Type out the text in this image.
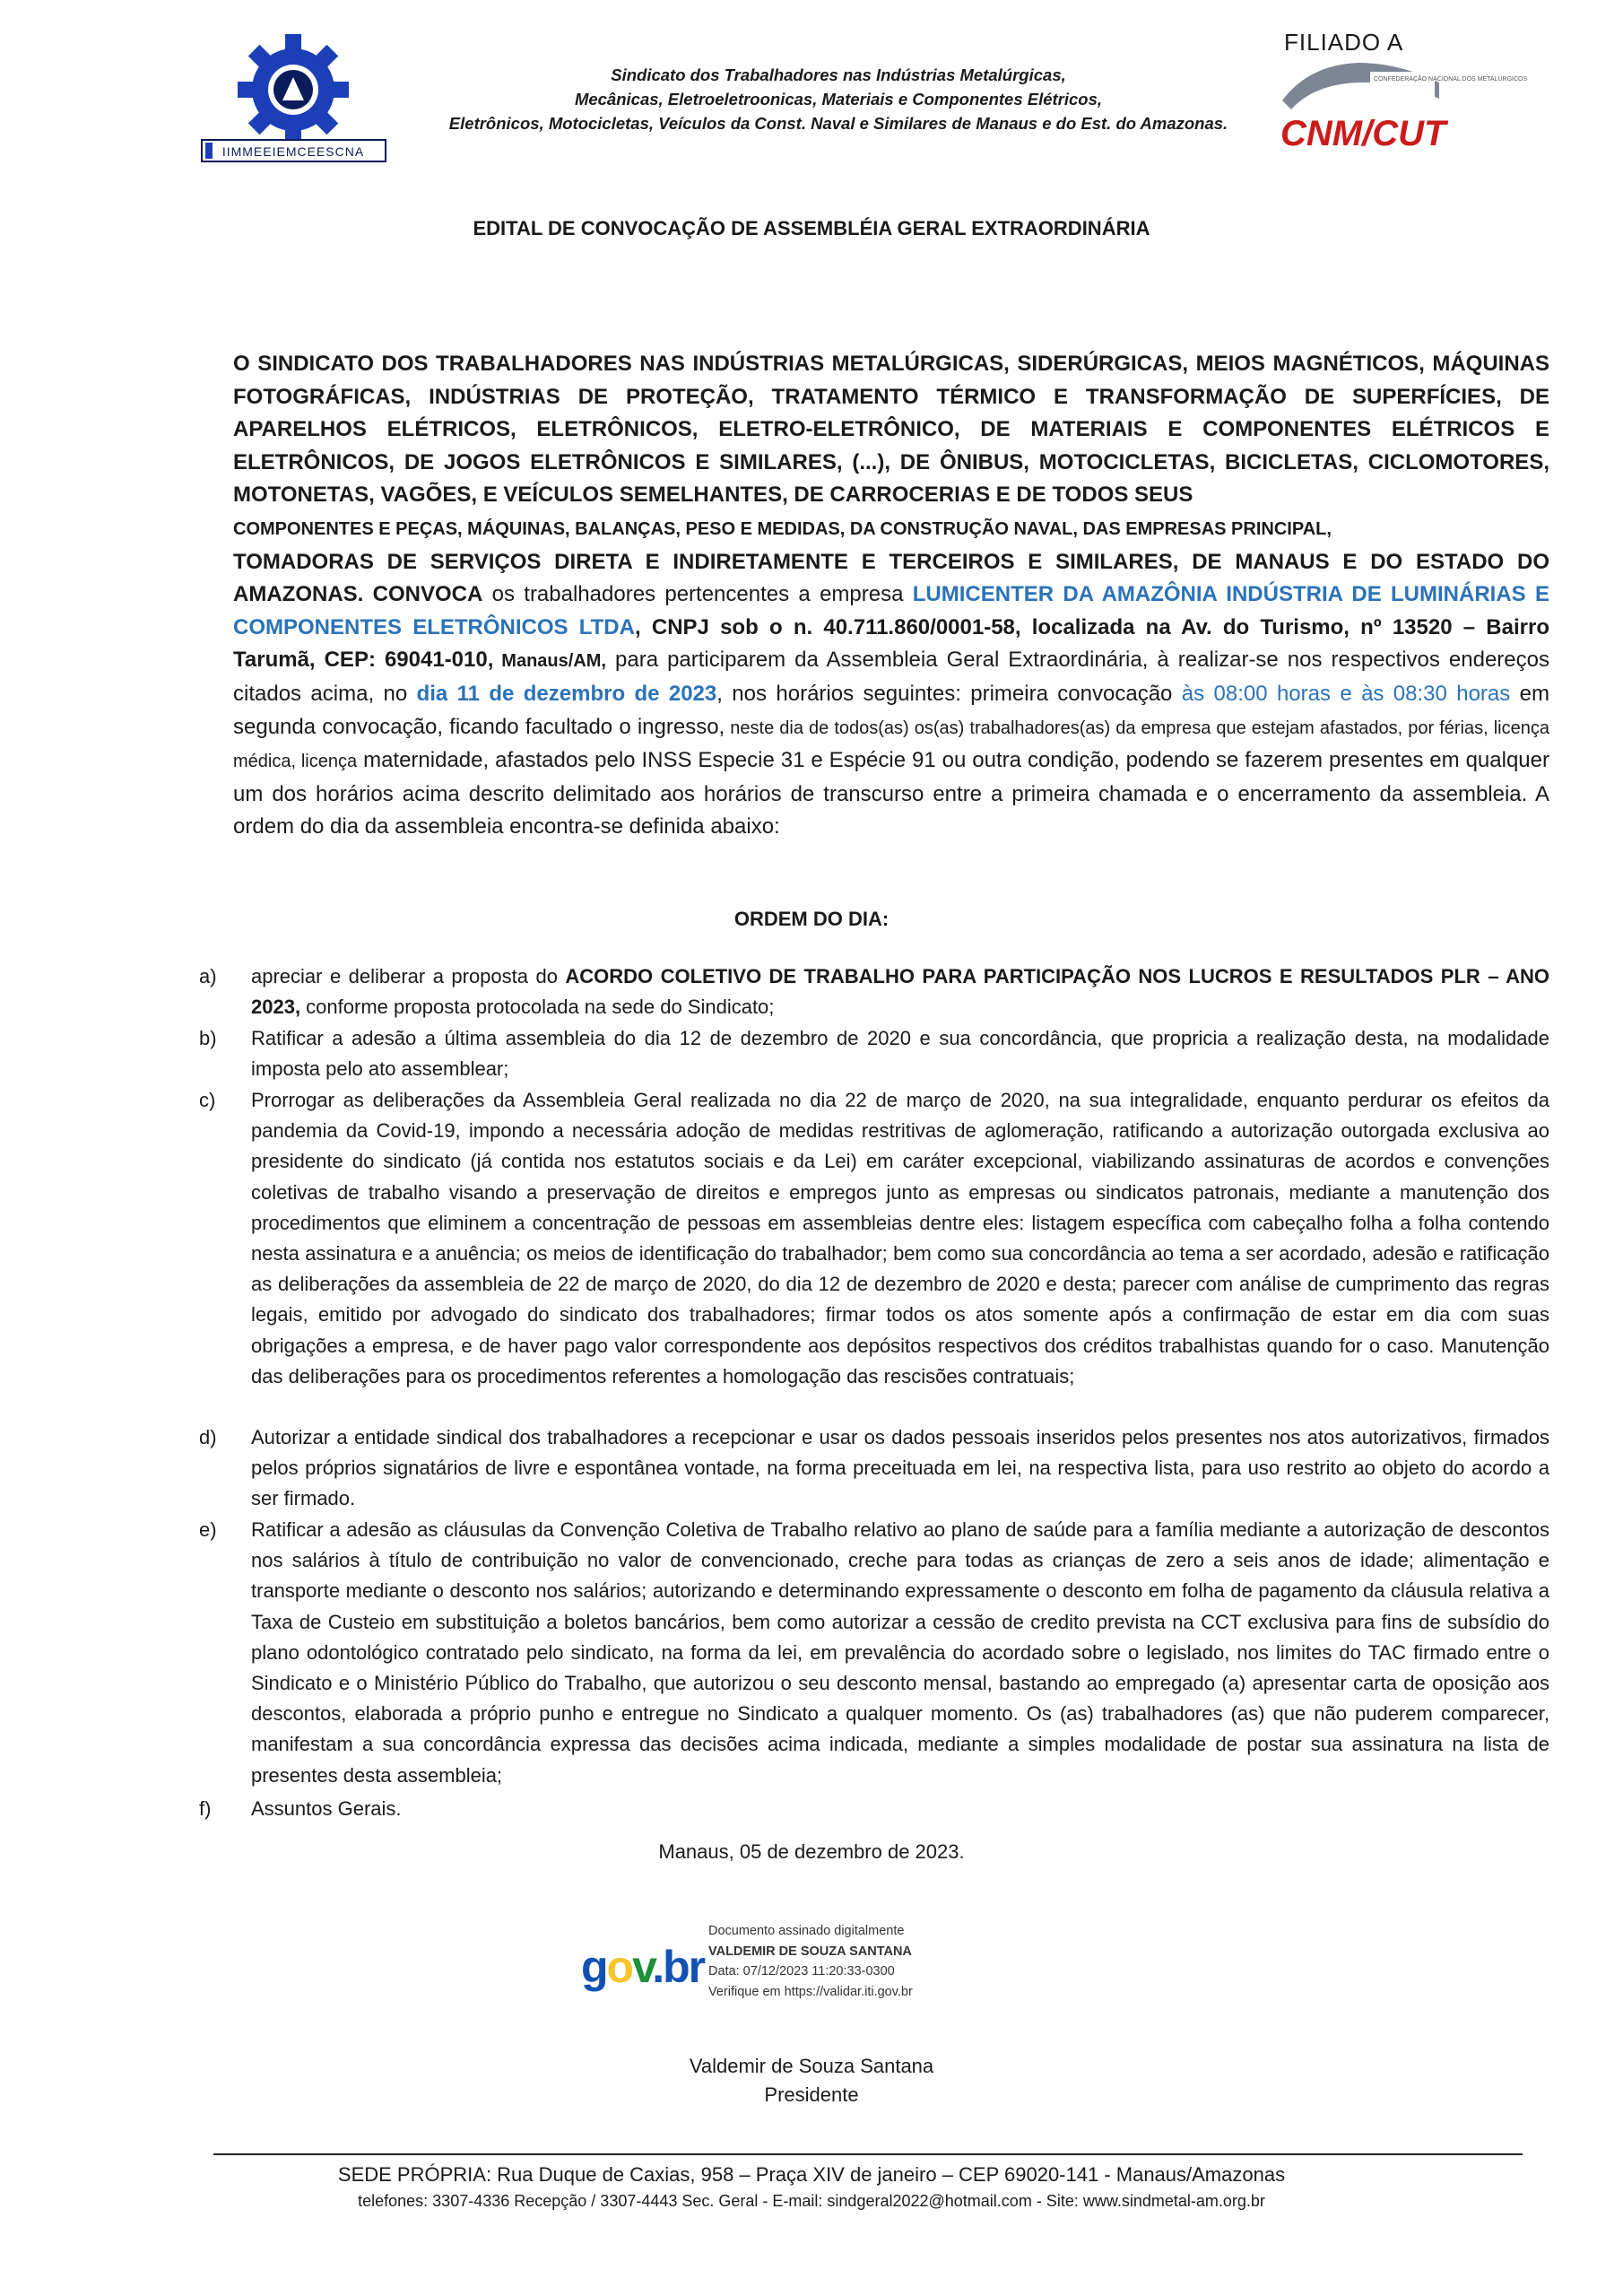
IIMMEEIEMCEESCNA
Sindicato dos Trabalhadores nas Indústrias Metalúrgicas,
Mecânicas, Eletroeletroonicas, Materiais e Componentes Elétricos,
Eletrônicos, Motocicletas, Veículos da Const. Naval e Similares de Manaus e do Est. do Amazonas.
FILIADO A
CONFEDERAÇÃO NACIONAL DOS METALÚRGICOS
CNM/CUT
EDITAL DE CONVOCAÇÃO DE ASSEMBLÉIA GERAL EXTRAORDINÁRIA
O SINDICATO DOS TRABALHADORES NAS INDÚSTRIAS METALÚRGICAS, SIDERÚRGICAS, MEIOS MAGNÉTICOS, MÁQUINAS FOTOGRÁFICAS, INDÚSTRIAS DE PROTEÇÃO, TRATAMENTO TÉRMICO E TRANSFORMAÇÃO DE SUPERFÍCIES, DE APARELHOS ELÉTRICOS, ELETRÔNICOS, ELETRO-ELETRÔNICO, DE MATERIAIS E COMPONENTES ELÉTRICOS E ELETRÔNICOS, DE JOGOS ELETRÔNICOS E SIMILARES, (...), DE ÔNIBUS, MOTOCICLETAS, BICICLETAS, CICLOMOTORES, MOTONETAS, VAGÕES, E VEÍCULOS SEMELHANTES, DE CARROCERIAS E DE TODOS SEUS
COMPONENTES E PEÇAS, MÁQUINAS, BALANÇAS, PESO E MEDIDAS, DA CONSTRUÇÃO NAVAL, DAS EMPRESAS PRINCIPAL,
TOMADORAS DE SERVIÇOS DIRETA E INDIRETAMENTE E TERCEIROS E SIMILARES, DE MANAUS E DO ESTADO DO AMAZONAS. CONVOCA os trabalhadores pertencentes a empresa LUMICENTER DA AMAZÔNIA INDÚSTRIA DE LUMINÁRIAS E COMPONENTES ELETRÔNICOS LTDA, CNPJ sob o n. 40.711.860/0001-58, localizada na Av. do Turismo, nº 13520 – Bairro Tarumã, CEP: 69041-010, Manaus/AM, para participarem da Assembleia Geral Extraordinária, à realizar-se nos respectivos endereços citados acima, no dia 11 de dezembro de 2023, nos horários seguintes: primeira convocação às 08:00 horas e às 08:30 horas em segunda convocação, ficando facultado o ingresso, neste dia de todos(as) os(as) trabalhadores(as) da empresa que estejam afastados, por férias, licença médica, licença maternidade, afastados pelo INSS Especie 31 e Espécie 91 ou outra condição, podendo se fazerem presentes em qualquer um dos horários acima descrito delimitado aos horários de transcurso entre a primeira chamada e o encerramento da assembleia. A ordem do dia da assembleia encontra-se definida abaixo:
ORDEM DO DIA:
a)	apreciar e deliberar a proposta do ACORDO COLETIVO DE TRABALHO PARA PARTICIPAÇÃO NOS LUCROS E RESULTADOS PLR – ANO 2023, conforme proposta protocolada na sede do Sindicato;
b)	Ratificar a adesão a última assembleia do dia 12 de dezembro de 2020 e sua concordância, que propricia a realização desta, na modalidade imposta pelo ato assemblear;
c)	Prorrogar as deliberações da Assembleia Geral realizada no dia 22 de março de 2020, na sua integralidade, enquanto perdurar os efeitos da pandemia da Covid-19, impondo a necessária adoção de medidas restritivas de aglomeração, ratificando a autorização outorgada exclusiva ao presidente do sindicato (já contida nos estatutos sociais e da Lei) em caráter excepcional, viabilizando assinaturas de acordos e convenções coletivas de trabalho visando a preservação de direitos e empregos junto as empresas ou sindicatos patronais, mediante a manutenção dos procedimentos que eliminem a concentração de pessoas em assembleias dentre eles: listagem específica com cabeçalho folha a folha contendo nesta assinatura e a anuência; os meios de identificação do trabalhador; bem como sua concordância ao tema a ser acordado, adesão e ratificação as deliberações da assembleia de 22 de março de 2020, do dia 12 de dezembro de 2020 e desta; parecer com análise de cumprimento das regras legais, emitido por advogado do sindicato dos trabalhadores; firmar todos os atos somente após a confirmação de estar em dia com suas obrigações a empresa, e de haver pago valor correspondente aos depósitos respectivos dos créditos trabalhistas quando for o caso. Manutenção das deliberações para os procedimentos referentes a homologação das rescisões contratuais;
d)	Autorizar a entidade sindical dos trabalhadores a recepcionar e usar os dados pessoais inseridos pelos presentes nos atos autorizativos, firmados pelos próprios signatários de livre e espontânea vontade, na forma preceituada em lei, na respectiva lista, para uso restrito ao objeto do acordo a ser firmado.
e)	Ratificar a adesão as cláusulas da Convenção Coletiva de Trabalho relativo ao plano de saúde para a família mediante a autorização de descontos nos salários à título de contribuição no valor de convencionado, creche para todas as crianças de zero a seis anos de idade; alimentação e transporte mediante o desconto nos salários; autorizando e determinando expressamente o desconto em folha de pagamento da cláusula relativa a Taxa de Custeio em substituição a boletos bancários, bem como autorizar a cessão de credito prevista na CCT exclusiva para fins de subsídio do plano odontológico contratado pelo sindicato, na forma da lei, em prevalência do acordado sobre o legislado, nos limites do TAC firmado entre o Sindicato e o Ministério Público do Trabalho, que autorizou o seu desconto mensal, bastando ao empregado (a) apresentar carta de oposição aos descontos, elaborada a próprio punho e entregue no Sindicato a qualquer momento. Os (as) trabalhadores (as) que não puderem comparecer, manifestam a sua concordância expressa das decisões acima indicada, mediante a simples modalidade de postar sua assinatura na lista de presentes desta assembleia;
f)	Assuntos Gerais.
Manaus, 05 de dezembro de 2023.
gov.br
Documento assinado digitalmente
VALDEMIR DE SOUZA SANTANA
Data: 07/12/2023 11:20:33-0300
Verifique em https://validar.iti.gov.br
Valdemir de Souza Santana
Presidente
SEDE PRÓPRIA: Rua Duque de Caxias, 958 – Praça XIV de janeiro – CEP 69020-141 - Manaus/Amazonas
telefones: 3307-4336 Recepção / 3307-4443 Sec. Geral - E-mail: sindgeral2022@hotmail.com - Site: www.sindmetal-am.org.br
